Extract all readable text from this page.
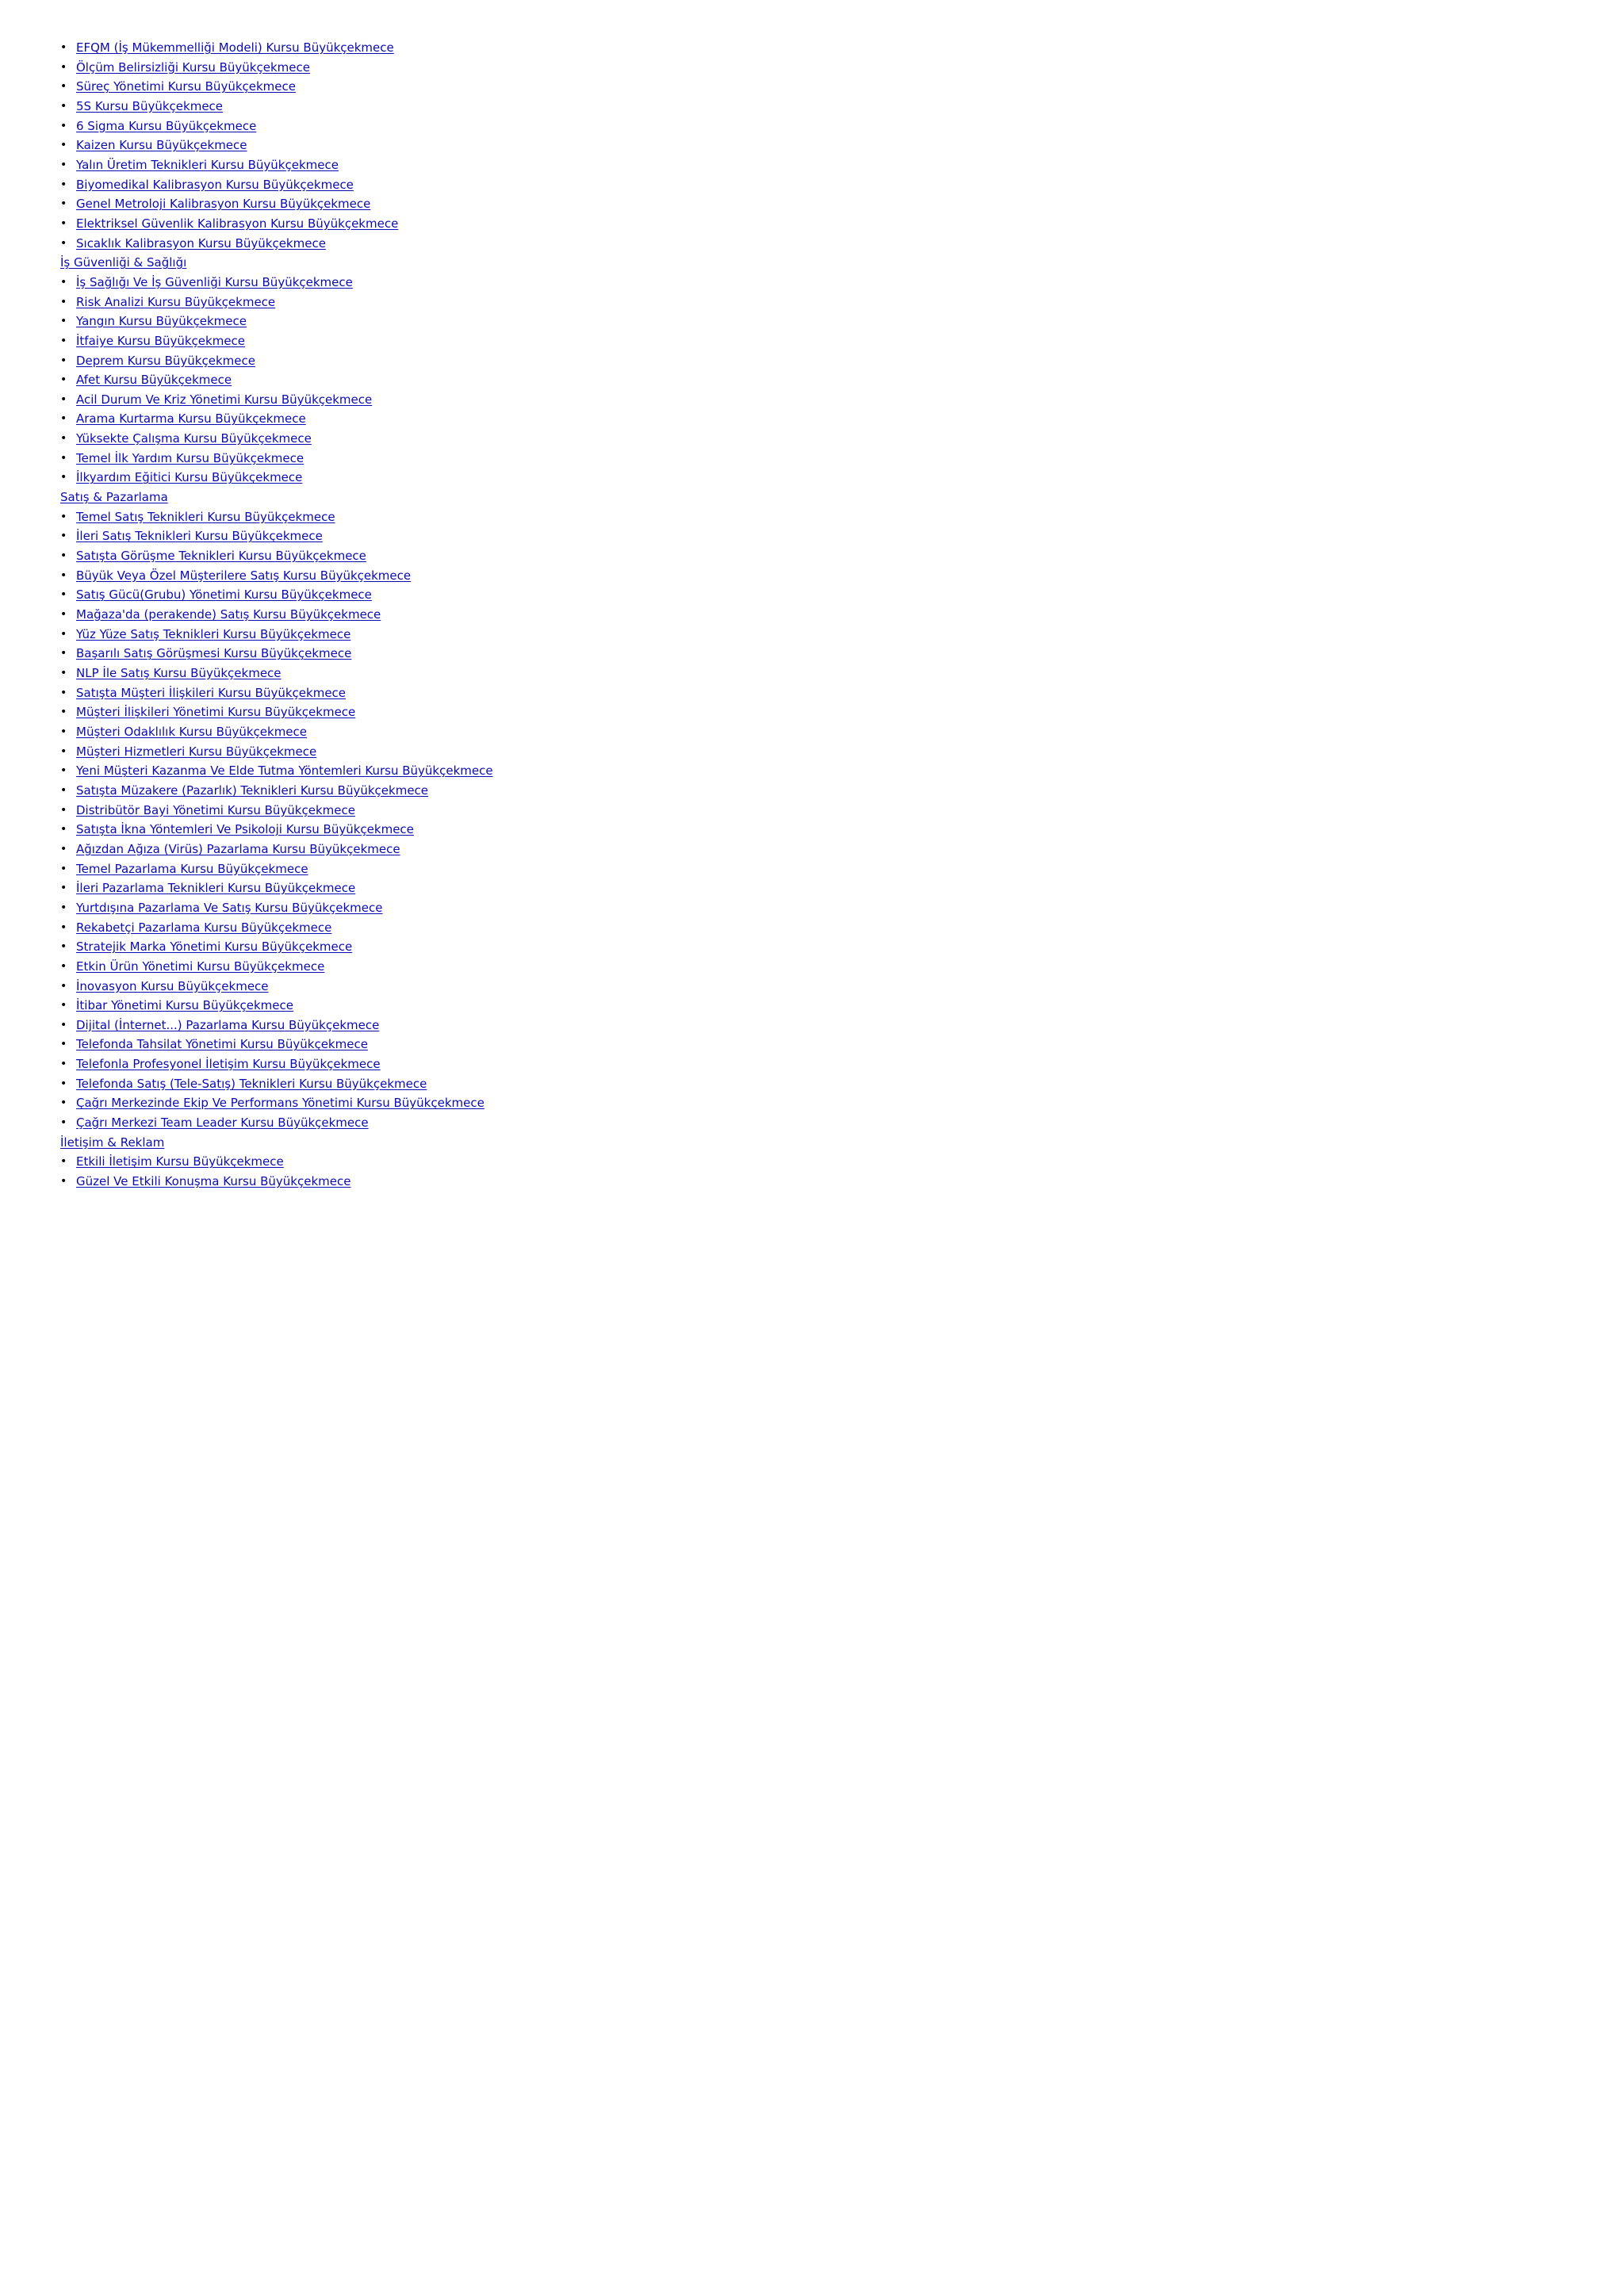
• EFQM (İş Mükemmelliği Modeli) Kursu Büyükçekmece
• Ölçüm Belirsizliği Kursu Büyükçekmece
• Süreç Yönetimi Kursu Büyükçekmece
• 5S Kursu Büyükçekmece
• 6 Sigma Kursu Büyükçekmece
• Kaizen Kursu Büyükçekmece
• Yalın Üretim Teknikleri Kursu Büyükçekmece
• Biyomedikal Kalibrasyon Kursu Büyükçekmece
• Genel Metroloji Kalibrasyon Kursu Büyükçekmece
• Elektriksel Güvenlik Kalibrasyon Kursu Büyükçekmece
• Sıcaklık Kalibrasyon Kursu Büyükçekmece
İş Güvenliği & Sağlığı
• İş Sağlığı Ve İş Güvenliği Kursu Büyükçekmece
• Risk Analizi Kursu Büyükçekmece
• Yangın Kursu Büyükçekmece
• İtfaiye Kursu Büyükçekmece
• Deprem Kursu Büyükçekmece
• Afet Kursu Büyükçekmece
• Acil Durum Ve Kriz Yönetimi Kursu Büyükçekmece
• Arama Kurtarma Kursu Büyükçekmece
• Yüksekte Çalışma Kursu Büyükçekmece
• Temel İlk Yardım Kursu Büyükçekmece
• İlkyardım Eğitici Kursu Büyükçekmece
Satış & Pazarlama
• Temel Satış Teknikleri Kursu Büyükçekmece
• İleri Satış Teknikleri Kursu Büyükçekmece
• Satışta Görüşme Teknikleri Kursu Büyükçekmece
• Büyük Veya Özel Müşterilere Satış Kursu Büyükçekmece
• Satış Gücü(Grubu) Yönetimi Kursu Büyükçekmece
• Mağaza'da (perakende) Satış Kursu Büyükçekmece
• Yüz Yüze Satış Teknikleri Kursu Büyükçekmece
• Başarılı Satış Görüşmesi Kursu Büyükçekmece
• NLP İle Satış Kursu Büyükçekmece
• Satışta Müşteri İlişkileri Kursu Büyükçekmece
• Müşteri İlişkileri Yönetimi Kursu Büyükçekmece
• Müşteri Odaklılık Kursu Büyükçekmece
• Müşteri Hizmetleri Kursu Büyükçekmece
• Yeni Müşteri Kazanma Ve Elde Tutma Yöntemleri Kursu Büyükçekmece
• Satışta Müzakere (Pazarlık) Teknikleri Kursu Büyükçekmece
• Distribütör Bayi Yönetimi Kursu Büyükçekmece
• Satışta İkna Yöntemleri Ve Psikoloji Kursu Büyükçekmece
• Ağızdan Ağıza (Virüs) Pazarlama Kursu Büyükçekmece
• Temel Pazarlama Kursu Büyükçekmece
• İleri Pazarlama Teknikleri Kursu Büyükçekmece
• Yurtdışına Pazarlama Ve Satış Kursu Büyükçekmece
• Rekabetçi Pazarlama Kursu Büyükçekmece
• Stratejik Marka Yönetimi Kursu Büyükçekmece
• Etkin Ürün Yönetimi Kursu Büyükçekmece
• İnovasyon Kursu Büyükçekmece
• İtibar Yönetimi Kursu Büyükçekmece
• Dijital (İnternet...) Pazarlama Kursu Büyükçekmece
• Telefonda Tahsilat Yönetimi Kursu Büyükçekmece
• Telefonla Profesyonel İletişim Kursu Büyükçekmece
• Telefonda Satış (Tele-Satış) Teknikleri Kursu Büyükçekmece
• Çağrı Merkezinde Ekip Ve Performans Yönetimi Kursu Büyükçekmece
• Çağrı Merkezi Team Leader Kursu Büyükçekmece
İletişim & Reklam
• Etkili İletişim Kursu Büyükçekmece
• Güzel Ve Etkili Konuşma Kursu Büyükçekmece
